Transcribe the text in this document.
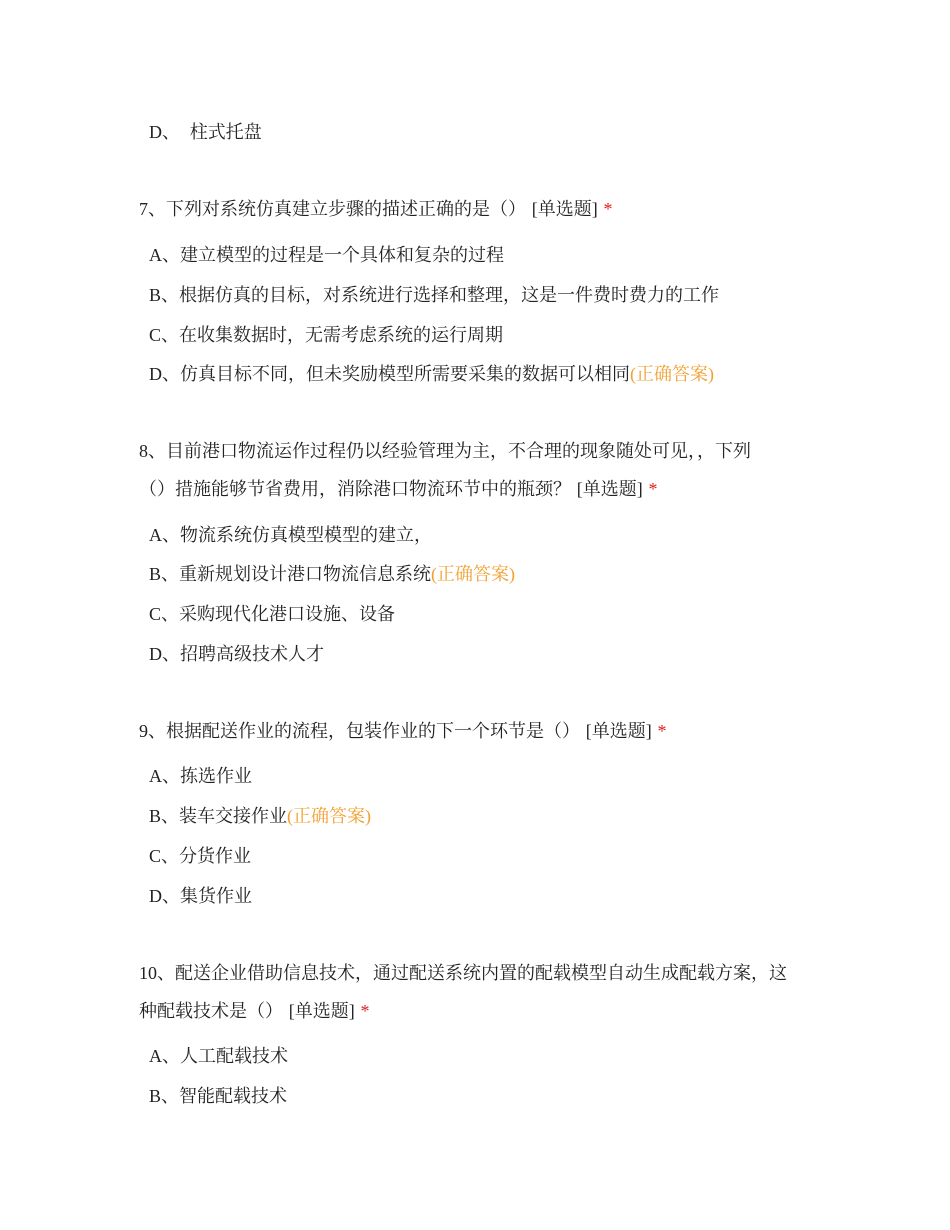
D、 柱式托盘
7、下列对系统仿真建立步骤的描述正确的是（） [单选题] *
A、建立模型的过程是一个具体和复杂的过程
B、根据仿真的目标，对系统进行选择和整理，这是一件费时费力的工作
C、在收集数据时，无需考虑系统的运行周期
D、仿真目标不同，但未奖励模型所需要采集的数据可以相同(正确答案)
8、目前港口物流运作过程仍以经验管理为主，不合理的现象随处可见，，下列
（）措施能够节省费用，消除港口物流环节中的瓶颈？ [单选题] *
A、物流系统仿真模型模型的建立，
B、重新规划设计港口物流信息系统(正确答案)
C、采购现代化港口设施、设备
D、招聘高级技术人才
9、根据配送作业的流程，包装作业的下一个环节是（） [单选题] *
A、拣选作业
B、装车交接作业(正确答案)
C、分货作业
D、集货作业
10、配送企业借助信息技术，通过配送系统内置的配载模型自动生成配载方案，这
种配载技术是（） [单选题] *
A、人工配载技术
B、智能配载技术
